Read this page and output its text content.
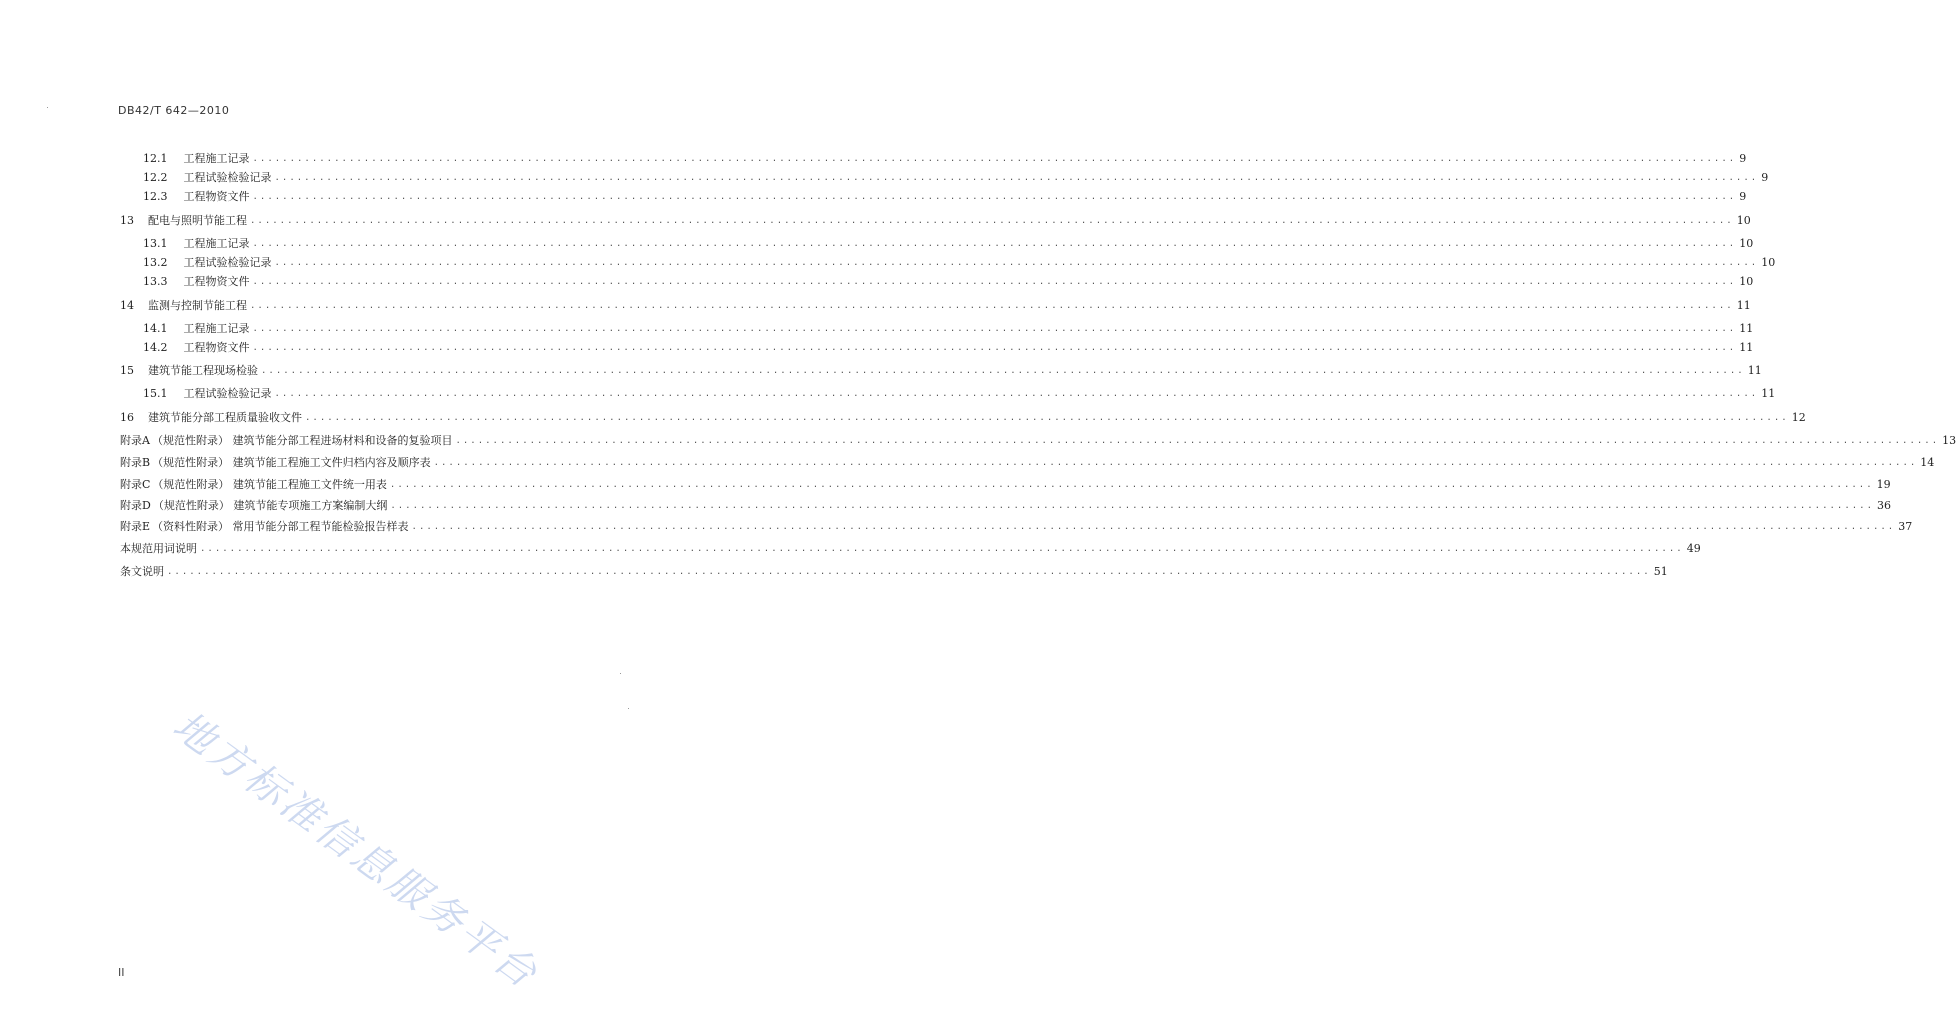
DB42/T 642—2010
12.1 工程施工记录 ........................................................................................................................................................................................................ 9
12.2 工程试验检验记录 ........................................................................................................................................................................................................ 9
12.3 工程物资文件 ........................................................................................................................................................................................................ 9
13 配电与照明节能工程 ........................................................................................................................................................................................................ 10
13.1 工程施工记录 ........................................................................................................................................................................................................ 10
13.2 工程试验检验记录 ........................................................................................................................................................................................................ 10
13.3 工程物资文件 ........................................................................................................................................................................................................ 10
14 监测与控制节能工程 ........................................................................................................................................................................................................ 11
14.1 工程施工记录 ........................................................................................................................................................................................................ 11
14.2 工程物资文件 ........................................................................................................................................................................................................ 11
15 建筑节能工程现场检验 ........................................................................................................................................................................................................ 11
15.1 工程试验检验记录 ........................................................................................................................................................................................................ 11
16 建筑节能分部工程质量验收文件 ........................................................................................................................................................................................................ 12
附录A （规范性附录） 建筑节能分部工程进场材料和设备的复验项目 ........................................................................................................................................................................................................ 13
附录B （规范性附录） 建筑节能工程施工文件归档内容及顺序表 ........................................................................................................................................................................................................ 14
附录C （规范性附录） 建筑节能工程施工文件统一用表 ........................................................................................................................................................................................................ 19
附录D （规范性附录） 建筑节能专项施工方案编制大纲 ........................................................................................................................................................................................................ 36
附录E （资料性附录） 常用节能分部工程节能检验报告样表 ........................................................................................................................................................................................................ 37
本规范用词说明 ........................................................................................................................................................................................................ 49
条文说明 ........................................................................................................................................................................................................ 51
地方标准信息服务平台
II
